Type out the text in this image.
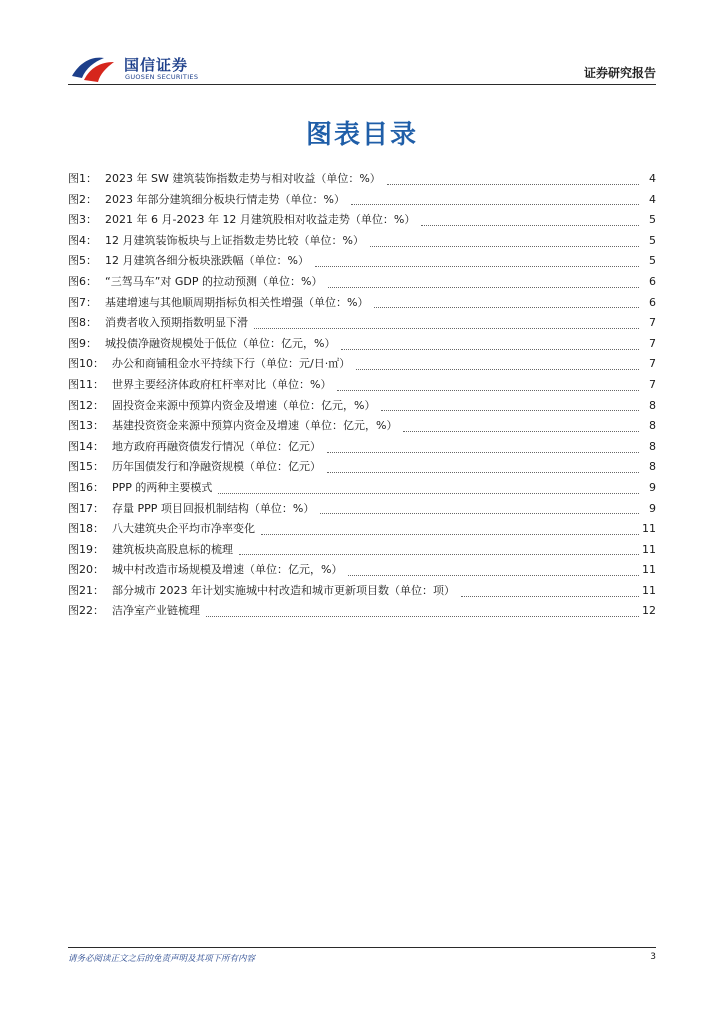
国信证券
GUOSEN SECURITIES	证券研究报告
图表目录
图1： 2023 年 SW 建筑装饰指数走势与相对收益（单位：%）	4
图2： 2023 年部分建筑细分板块行情走势（单位：%）	4
图3： 2021 年 6 月-2023 年 12 月建筑股相对收益走势（单位：%）	5
图4： 12 月建筑装饰板块与上证指数走势比较（单位：%）	5
图5： 12 月建筑各细分板块涨跌幅（单位：%）	5
图6： “三驾马车”对 GDP 的拉动预测（单位：%）	6
图7： 基建增速与其他顺周期指标负相关性增强（单位：%）	6
图8： 消费者收入预期指数明显下滑	7
图9： 城投债净融资规模处于低位（单位：亿元，%）	7
图10： 办公和商铺租金水平持续下行（单位：元/日·㎡）	7
图11： 世界主要经济体政府杠杆率对比（单位：%）	7
图12： 固投资金来源中预算内资金及增速（单位：亿元，%）	8
图13： 基建投资资金来源中预算内资金及增速（单位：亿元，%）	8
图14： 地方政府再融资债发行情况（单位：亿元）	8
图15： 历年国债发行和净融资规模（单位：亿元）	8
图16： PPP 的两种主要模式	9
图17： 存量 PPP 项目回报机制结构（单位：%）	9
图18： 八大建筑央企平均市净率变化	11
图19： 建筑板块高股息标的梳理	11
图20： 城中村改造市场规模及增速（单位：亿元，%）	11
图21： 部分城市 2023 年计划实施城中村改造和城市更新项目数（单位：项）	11
图22： 洁净室产业链梳理	12
请务必阅读正文之后的免责声明及其项下所有内容	3
